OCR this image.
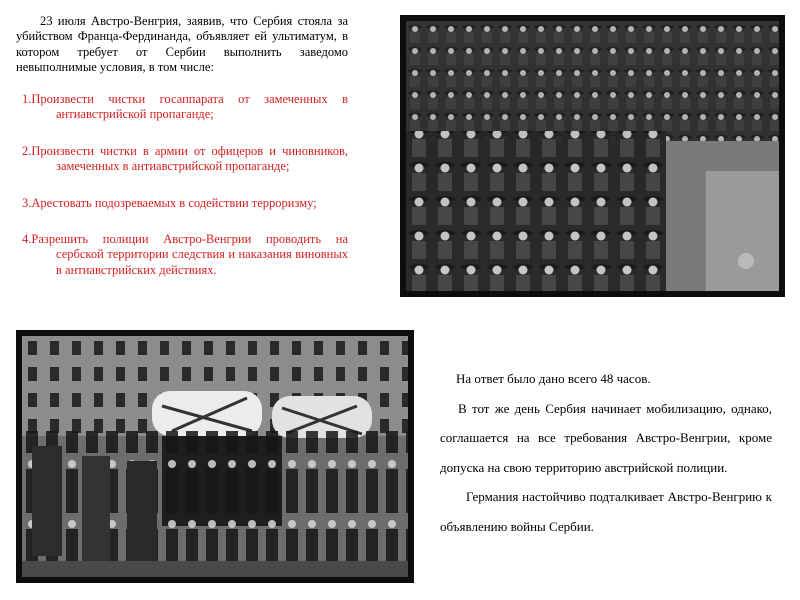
23 июля Австро-Венгрия, заявив, что Сербия стояла за убийством Франца-Фердинанда, объявляет ей ультиматум, в котором требует от Сербии выполнить заведомо невыполнимые условия, в том числе:

1.Произвести чистки госаппарата от замеченных в антиавстрийской пропаганде;
2.Произвести чистки в армии от офицеров и чиновников, замеченных в антиавстрийской пропаганде;
3.Арестовать подозреваемых в содействии терроризму;
4.Разрешить полиции Австро-Венгрии проводить на сербской территории следствия и наказания виновных в антиавстрийских действиях.

На ответ было дано всего 48 часов.

В тот же день Сербия начинает мобилизацию, однако, соглашается на все требования Австро-Венгрии, кроме допуска на свою территорию австрийской полиции.

Германия настойчиво подталкивает Австро-Венгрию к объявлению войны Сербии.
